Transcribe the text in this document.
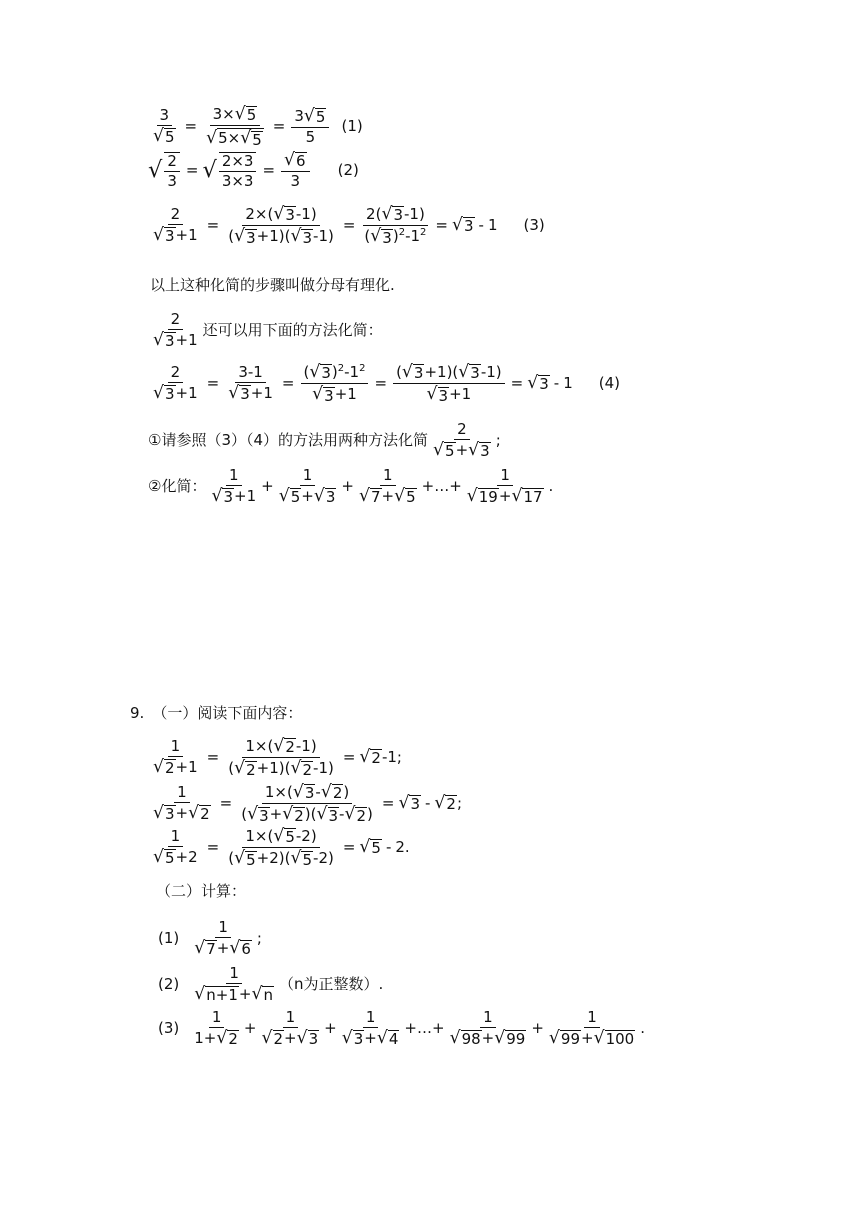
$\frac{3}{√ 5} = \frac{3\times √ 5}{√ 5\times √ 5} = \frac{3 √ 5}{5} (1)$
√ $\frac{2}{3}$ = √ $\frac{2\times 3}{3\times 3} = \frac{√ 6}{3} (2)$
$\frac{2}{√ 3 +1} = \frac{2\times( √ 3 -1)}{( √ 3 +1)( √ 3 -1)} = \frac{2( √ 3 -1)}{( √ 3 )^2-1^2}$ = √ 3 - 1 (3)
以上这种化简的步骤叫做分母有理化.
$\frac{2}{√ 3 +1}$ 还可以用下面的方法化简：
$\frac{2}{√ 3 +1} = \frac{3-1}{√ 3 +1} = \frac{( √ 3 )^2-1^2}{√ 3 +1} = \frac{( √ 3 +1)( √ 3 -1)}{√ 3 +1}$ = √ 3 - 1 (4)
①请参照（3）（4）的方法用两种方法化简 $\frac{2}{√ 5 + √ 3}$ ;
②化简： $\frac{1}{√ 3 +1} + \frac{1}{√ 5 + √ 3} + \frac{1}{√ 7 + √ 5}$ +…+ $\frac{1}{√ 19 + √ 17}$ .
9. （一）阅读下面内容：
$\frac{1}{√ 2 +1} = \frac{1\times( √ 2 -1)}{( √ 2 +1)( √ 2 -1)}$ = √ 2 -1;
$\frac{1}{√ 3 + √ 2} = \frac{1\times( √ 3 - √ 2 )}{( √ 3 + √ 2 )( √ 3 - √ 2 )}$ = √ 3 - √ 2 ;
$\frac{1}{√ 5 +2} = \frac{1\times( √ 5 -2)}{( √ 5 +2)( √ 5 -2)}$ = √ 5 - 2.
（二）计算：
$(1) \frac{1}{√ 7 + √ 6}$ ;
$(2) \frac{1}{√ n+1 + √ n} (n$为正整数）.
$(3) \frac{1}{1+ √ 2} + \frac{1}{√ 2 + √ 3} + \frac{1}{√ 3 + √ 4}$ +…+ $\frac{1}{√ 98 + √ 99} + \frac{1}{√ 99 + √ 100}$ .
